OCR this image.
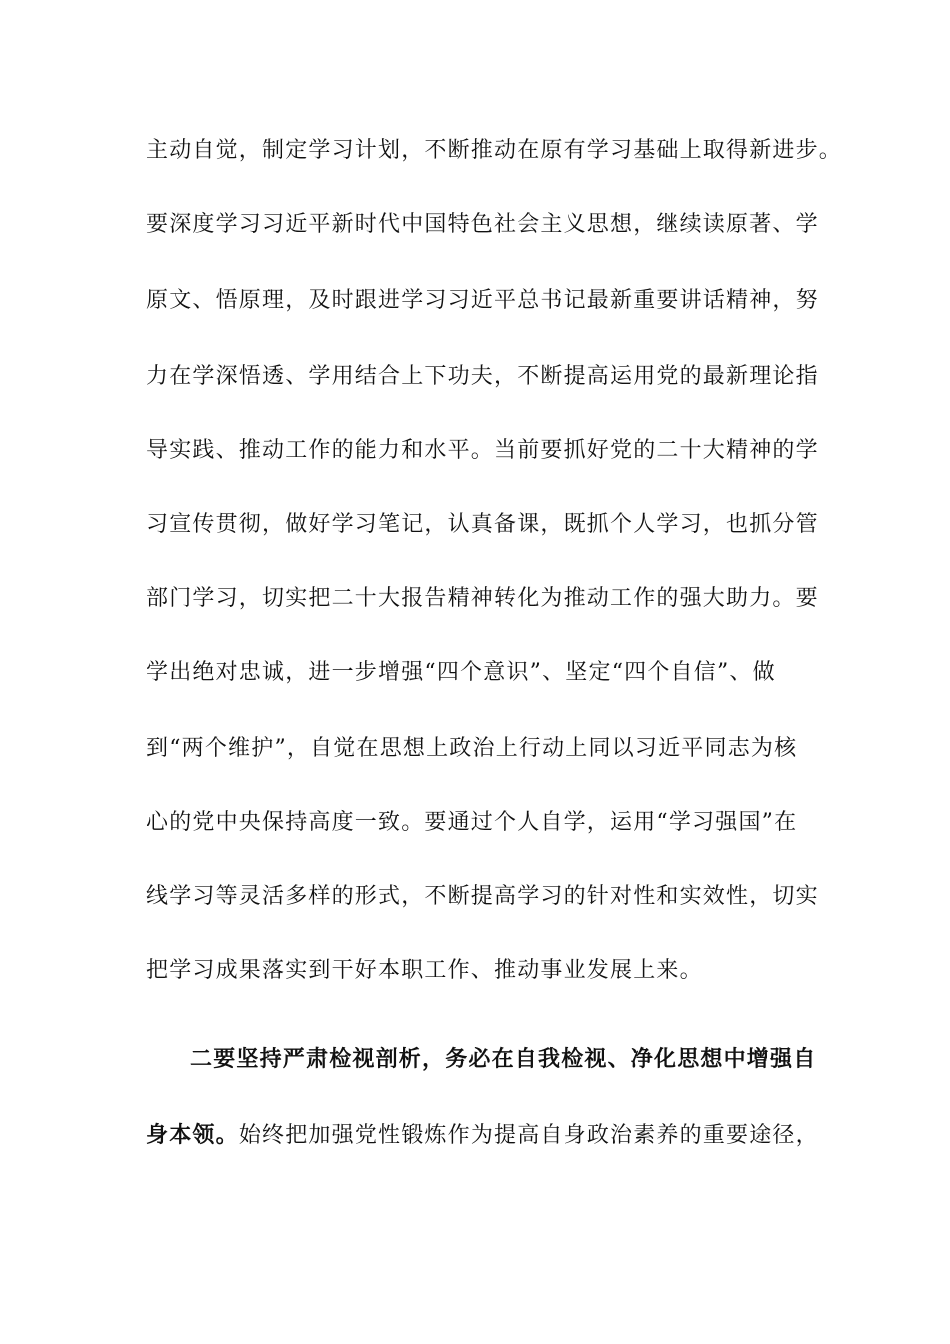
主动自觉，制定学习计划，不断推动在原有学习基础上取得新进步。
要深度学习习近平新时代中国特色社会主义思想，继续读原著、学
原文、悟原理，及时跟进学习习近平总书记最新重要讲话精神，努
力在学深悟透、学用结合上下功夫，不断提高运用党的最新理论指
导实践、推动工作的能力和水平。当前要抓好党的二十大精神的学
习宣传贯彻，做好学习笔记，认真备课，既抓个人学习，也抓分管
部门学习，切实把二十大报告精神转化为推动工作的强大助力。要
学出绝对忠诚，进一步增强“四个意识”、坚定“四个自信”、做
到“两个维护”，自觉在思想上政治上行动上同以习近平同志为核
心的党中央保持高度一致。要通过个人自学，运用“学习强国”在
线学习等灵活多样的形式，不断提高学习的针对性和实效性，切实
把学习成果落实到干好本职工作、推动事业发展上来。
二要坚持严肃检视剖析，务必在自我检视、净化思想中增强自
身本领。始终把加强党性锻炼作为提高自身政治素养的重要途径，
